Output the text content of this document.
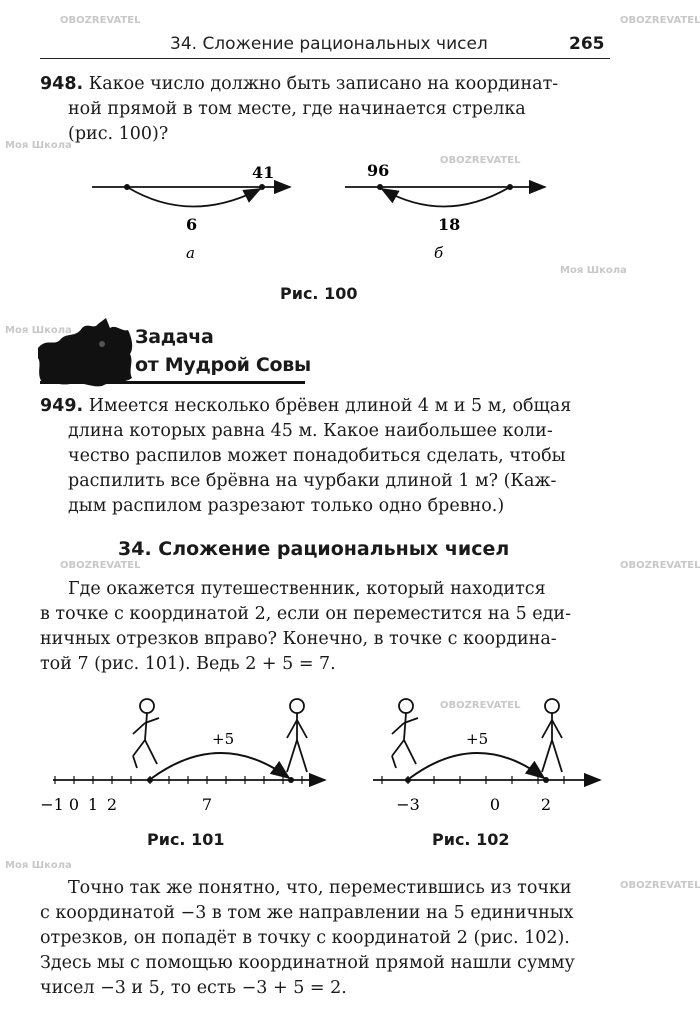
OBOZREVATEL	OBOZREVATEL
Моя Школа
OBOZREVATEL
Моя Школа
Моя Школа
OBOZREVATEL	OBOZREVATEL
OBOZREVATEL
Моя Школа
OBOZREVATEL
34. Сложение рациональных чисел	265
948. Какое число должно быть записано на координат-
ной прямой в том месте, где начинается стрелка
(рис. 100)?
41
6
а
96
18
б
Рис. 100
Задача
от Мудрой Совы
949. Имеется несколько брёвен длиной 4 м и 5 м, общая
длина которых равна 45 м. Какое наибольшее коли-
чество распилов может понадобиться сделать, чтобы
распилить все брёвна на чурбаки длиной 1 м? (Каж-
дым распилом разрезают только одно бревно.)
34. Сложение рациональных чисел
Где окажется путешественник, который находится
в точке с координатой 2, если он переместится на 5 еди-
ничных отрезков вправо? Конечно, в точке с координа-
той 7 (рис. 101). Ведь 2 + 5 = 7.
+5
−1 0 1 2	7
Рис. 101
+5
−3	0	2
Рис. 102
Точно так же понятно, что, переместившись из точки
с координатой −3 в том же направлении на 5 единичных
отрезков, он попадёт в точку с координатой 2 (рис. 102).
Здесь мы с помощью координатной прямой нашли сумму
чисел −3 и 5, то есть −3 + 5 = 2.
